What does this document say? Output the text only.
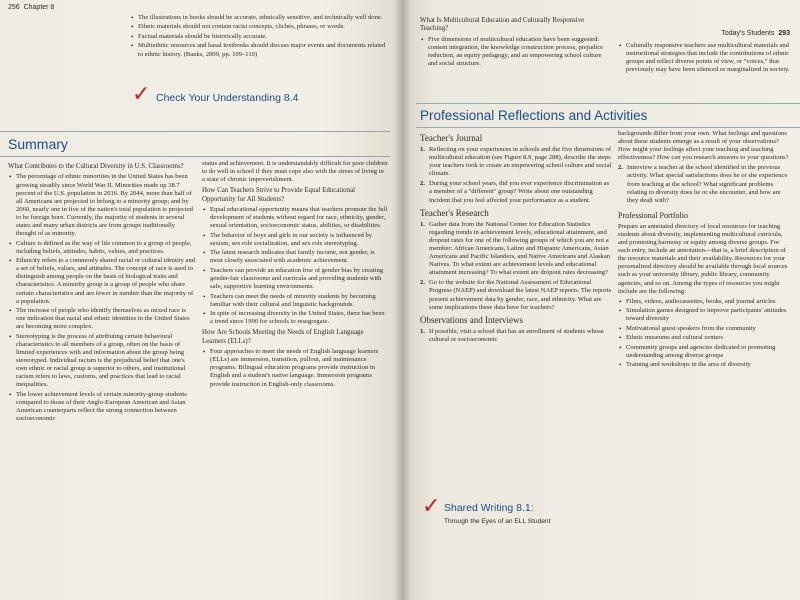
256 Chapter 8
• The illustrations in books should be accurate, ethnically sensitive, and technically well done.
• Ethnic materials should not contain racist concepts, clichés, phrases, or words.
• Factual materials should be historically accurate.
• Multiethnic resources and basal textbooks should discuss major events and documents related to ethnic history. (Banks, 2009, pp. 109–110)
✓ Check Your Understanding 8.4
Summary
What Contributes to the Cultural Diversity in U.S. Classrooms?
• The percentage of ethnic minorities in the United States has been growing steadily since World War II. Minorities made up 38.7 percent of the U.S. population in 2016. By 2044, more than half of all Americans are projected to belong to a minority group; and by 2060, nearly one in five of the nation's total population is projected to be foreign born. Currently, the majority of students in several states and many urban districts are from groups traditionally thought of as minority.
• Culture is defined as the way of life common to a group of people, including beliefs, attitudes, habits, values, and practices.
• Ethnicity refers to a commonly shared racial or cultural identity and a set of beliefs, values, and attitudes. The concept of race is used to distinguish among people on the basis of biological traits and characteristics. A minority group is a group of people who share certain characteristics and are fewer in number than the majority of a population.
• The increase of people who identify themselves as mixed race is one indication that racial and ethnic identities in the United States are becoming more complex.
• Stereotyping is the process of attributing certain behavioral characteristics to all members of a group, often on the basis of limited experiences with and information about the group being stereotyped. Individual racism is the prejudicial belief that one's own ethnic or racial group is superior to others, and institutional racism refers to laws, customs, and practices that lead to racial inequalities.
• The lower achievement levels of certain minority-group students compared to those of their Anglo-European American and Asian American counterparts reflect the strong connection between socioeconomic
status and achievement. It is understandably difficult for poor children to do well in school if they must cope also with the stress of living in a state of chronic impoverishment.
How Can Teachers Strive to Provide Equal Educational Opportunity for All Students?
• Equal educational opportunity means that teachers promote the full development of students without regard for race, ethnicity, gender, sexual orientation, socioeconomic status, abilities, or disabilities.
• The behavior of boys and girls in our society is influenced by sexism, sex role socialization, and sex role stereotyping.
• The latest research indicates that family income, not gender, is most closely associated with academic achievement.
• Teachers can provide an education free of gender bias by creating gender-fair classrooms and curricula and providing students with safe, supportive learning environments.
• Teachers can meet the needs of minority students by becoming familiar with their cultural and linguistic backgrounds.
• In spite of increasing diversity in the United States, there has been a trend since 1990 for schools to resegregate.
How Are Schools Meeting the Needs of English Language Learners (ELLs)?
• Four approaches to meet the needs of English language learners (ELLs) are immersion, transition, pullout, and maintenance programs. Bilingual education programs provide instruction in English and a student's native language. Immersion programs provide instruction in English-only classrooms.
Today's Students 293
What Is Multicultural Education and Culturally Responsive Teaching?
• Five dimensions of multicultural education have been suggested: content integration, the knowledge construction process, prejudice reduction, an equity pedagogy, and an empowering school culture and social structure.
• Culturally responsive teachers use multicultural materials and instructional strategies that include the contributions of ethnic groups and reflect diverse points of view, or "voices," that previously may have been silenced or marginalized in society.
Professional Reflections and Activities
Teacher's Journal
1. Reflecting on your experiences in schools and the five dimensions of multicultural education (see Figure 8.9, page 288), describe the steps your teachers took to create an empowering school culture and social climate.
2. During your school years, did you ever experience discrimination as a member of a "different" group? Write about one outstanding incident that you feel affected your performance as a student.
Teacher's Research
1. Gather data from the National Center for Education Statistics regarding trends in achievement levels, educational attainment, and dropout rates for one of the following groups of which you are not a member: African Americans, Latino and Hispanic Americans, Asian Americans and Pacific Islanders, and Native Americans and Alaskan Natives. To what extent are achievement levels and educational attainment increasing? To what extent are dropout rates decreasing?
2. Go to the website for the National Assessment of Educational Progress (NAEP) and download the latest NAEP reports. The reports present achievement data by gender, race, and ethnicity. What are some implications these data have for teachers?
Observations and Interviews
1. If possible, visit a school that has an enrollment of students whose cultural or socioeconomic
✓ Shared Writing 8.1:
Through the Eyes of an ELL Student
backgrounds differ from your own. What feelings and questions about these students emerge as a result of your observations? How might your feelings affect your teaching and teaching effectiveness? How can you research answers to your questions?
2. Interview a teacher at the school identified in the previous activity. What special satisfactions does he or she experience from teaching at the school? What significant problems relating to diversity does he or she encounter, and how are they dealt with?
Professional Portfolio
Prepare an annotated directory of local resources for teaching students about diversity, implementing multicultural curricula, and promoting harmony or equity among diverse groups. For each entry, include an annotation—that is, a brief description of the resource materials and their availability. Resources for your personalized directory should be available through local sources such as your university library, public library, community agencies, and so on. Among the types of resources you might include are the following:
• Films, videos, audiocassettes, books, and journal articles
• Simulation games designed to improve participants' attitudes toward diversity
• Motivational guest speakers from the community
• Ethnic museums and cultural centers
• Community groups and agencies dedicated to promoting understanding among diverse groups
• Training and workshops in the area of diversity
